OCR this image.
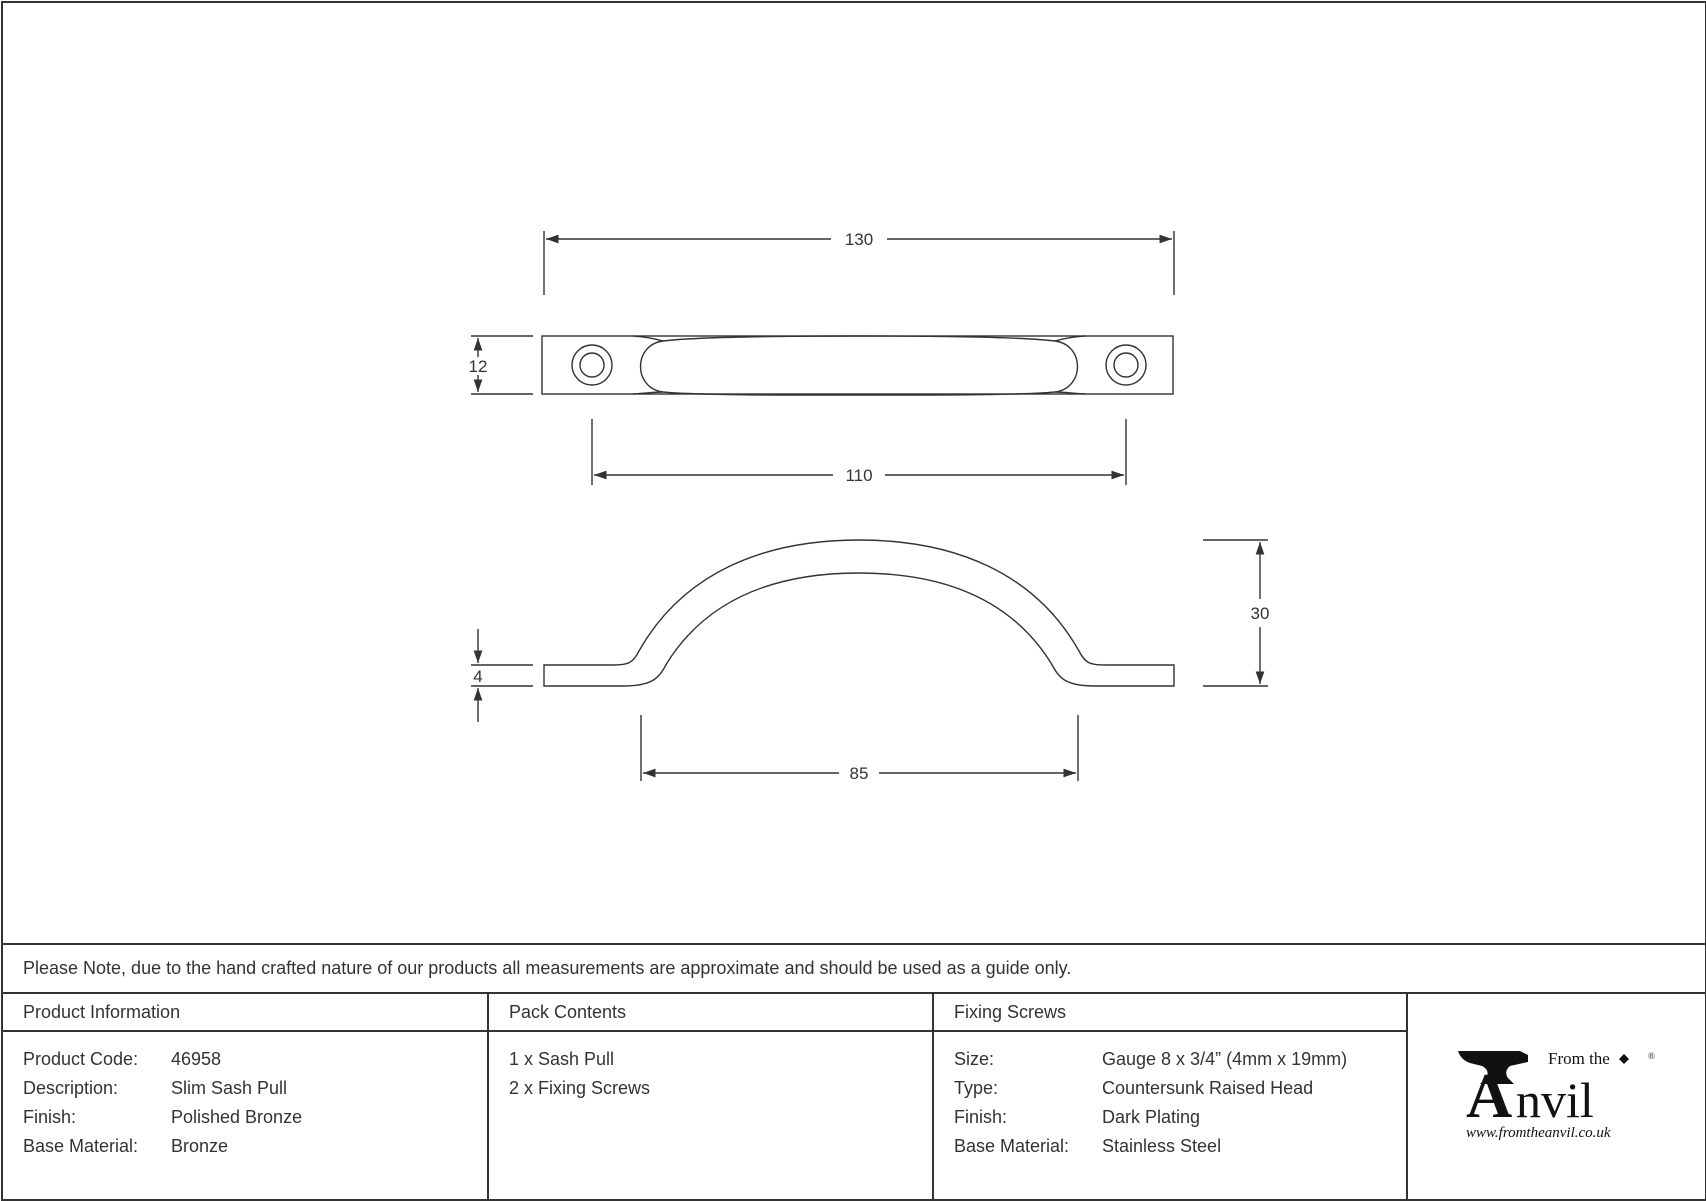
130
12
110
30
4
85
Please Note, due to the hand crafted nature of our products all measurements are approximate and should be used as a guide only.
Product Information
Product Code: 46958
Description:	Slim Sash Pull
Finish:	Polished Bronze
Base Material: Bronze
Pack Contents
1 x Sash Pull
2 x Fixing Screws
Fixing Screws
Size:	Gauge 8 x 3/4” (4mm x 19mm)
Type:	Countersunk Raised Head
Finish:	Dark Plating
Base Material: Stainless Steel
A nvil
From the	®
www.fromtheanvil.co.uk
